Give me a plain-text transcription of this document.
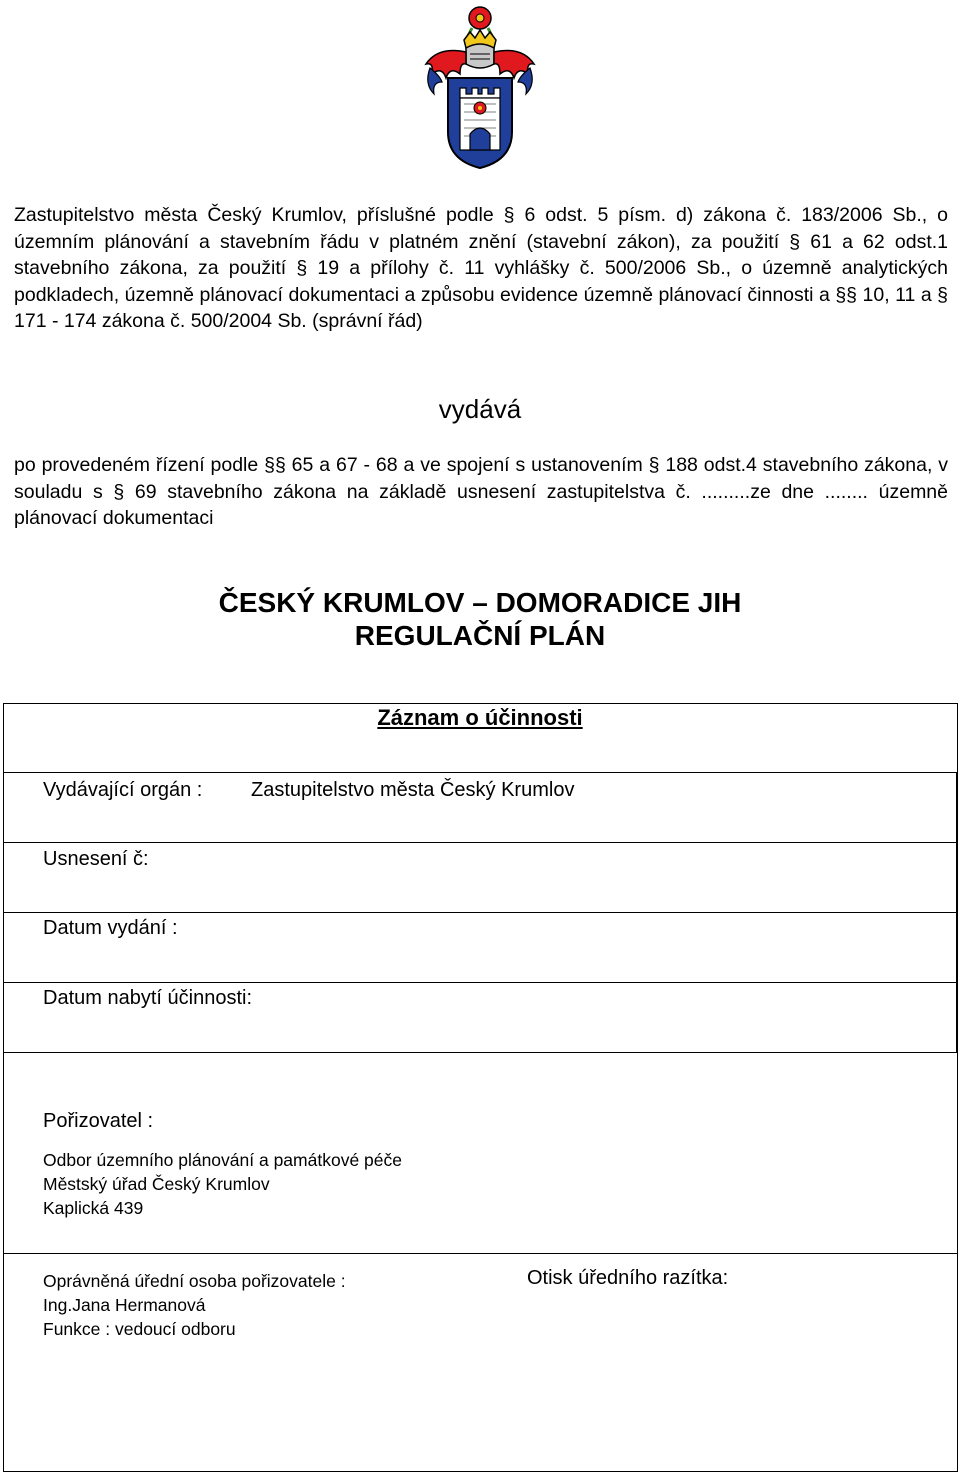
Zastupitelstvo města Český Krumlov, příslušné podle § 6 odst. 5 písm. d) zákona č. 183/2006 Sb., o územním plánování a stavebním řádu v platném znění (stavební zákon), za použití § 61 a 62 odst.1 stavebního zákona, za použití § 19 a přílohy č. 11 vyhlášky č. 500/2006 Sb., o územně analytických podkladech, územně plánovací dokumentaci a způsobu evidence územně plánovací činnosti a §§ 10, 11 a § 171 - 174 zákona č. 500/2004 Sb. (správní řád)

vydává

po provedeném řízení podle §§ 65 a 67 - 68 a ve spojení s ustanovením § 188 odst.4 stavebního zákona, v souladu s § 69 stavebního zákona na základě usnesení zastupitelstva č. .........ze dne ........ územně plánovací dokumentaci

ČESKÝ KRUMLOV – DOMORADICE JIH
REGULAČNÍ PLÁN
Záznam o účinnosti
Vydávající orgán : Zastupitelstvo města Český Krumlov
Usnesení č:
Datum vydání :
Datum nabytí účinnosti:
Pořizovatel :
Odbor územního plánování a památkové péče
Městský úřad Český Krumlov
Kaplická 439
Oprávněná úřední osoba pořizovatele :
Ing.Jana Hermanová
Funkce : vedoucí odboru
Otisk úředního razítka:
